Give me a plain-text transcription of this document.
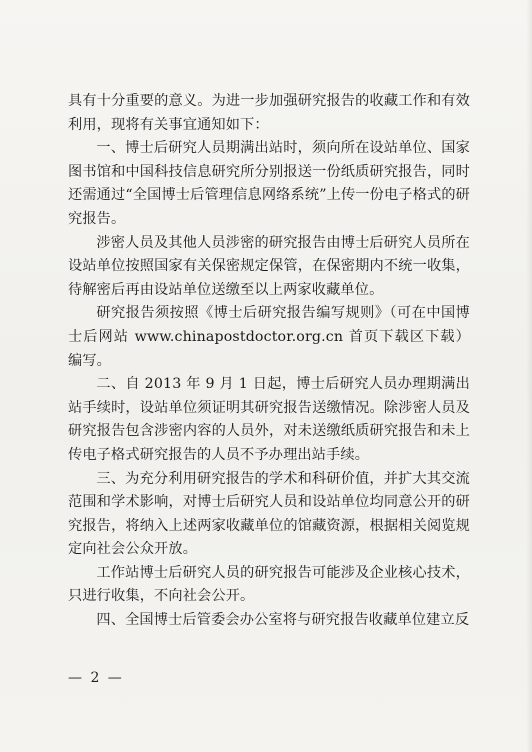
具有十分重要的意义。为进一步加强研究报告的收藏工作和有效利用，现将有关事宜通知如下：

一、博士后研究人员期满出站时，须向所在设站单位、国家图书馆和中国科技信息研究所分别报送一份纸质研究报告，同时还需通过“全国博士后管理信息网络系统”上传一份电子格式的研究报告。

涉密人员及其他人员涉密的研究报告由博士后研究人员所在设站单位按照国家有关保密规定保管，在保密期内不统一收集，待解密后再由设站单位送缴至以上两家收藏单位。

研究报告须按照《博士后研究报告编写规则》（可在中国博士后网站 www.chinapostdoctor.org.cn 首页下载区下载）编写。

二、自 2013 年 9 月 1 日起，博士后研究人员办理期满出站手续时，设站单位须证明其研究报告送缴情况。除涉密人员及研究报告包含涉密内容的人员外，对未送缴纸质研究报告和未上传电子格式研究报告的人员不予办理出站手续。

三、为充分利用研究报告的学术和科研价值，并扩大其交流范围和学术影响，对博士后研究人员和设站单位均同意公开的研究报告，将纳入上述两家收藏单位的馆藏资源，根据相关阅览规定向社会公众开放。

工作站博士后研究人员的研究报告可能涉及企业核心技术，只进行收集，不向社会公开。

四、全国博士后管委会办公室将与研究报告收藏单位建立反

— 2 —
